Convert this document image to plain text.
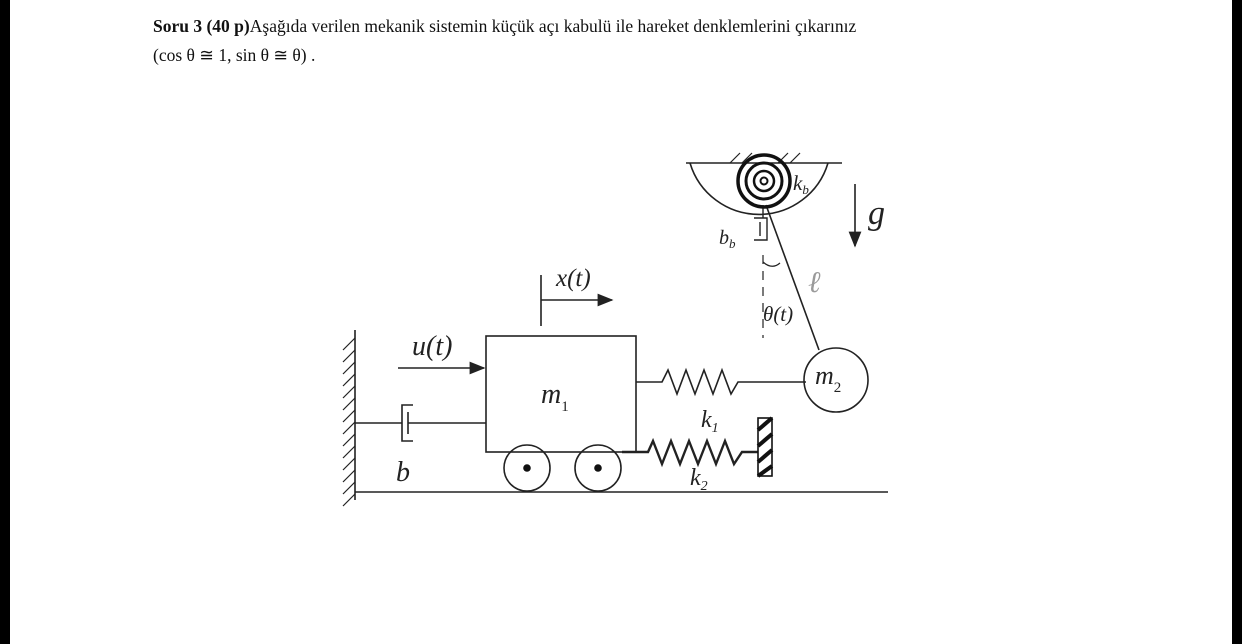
Soru 3 (40 p)Aşağıda verilen mekanik sistemin küçük açı kabulü ile hareket denklemlerini çıkarınız
(cos θ ≅ 1, sin θ ≅ θ) .

u(t)
x(t)
$m_1$
$m_2$
b
$k_1$
$k_2$
kb
$b_b$
g
ℓ
θ(t)
